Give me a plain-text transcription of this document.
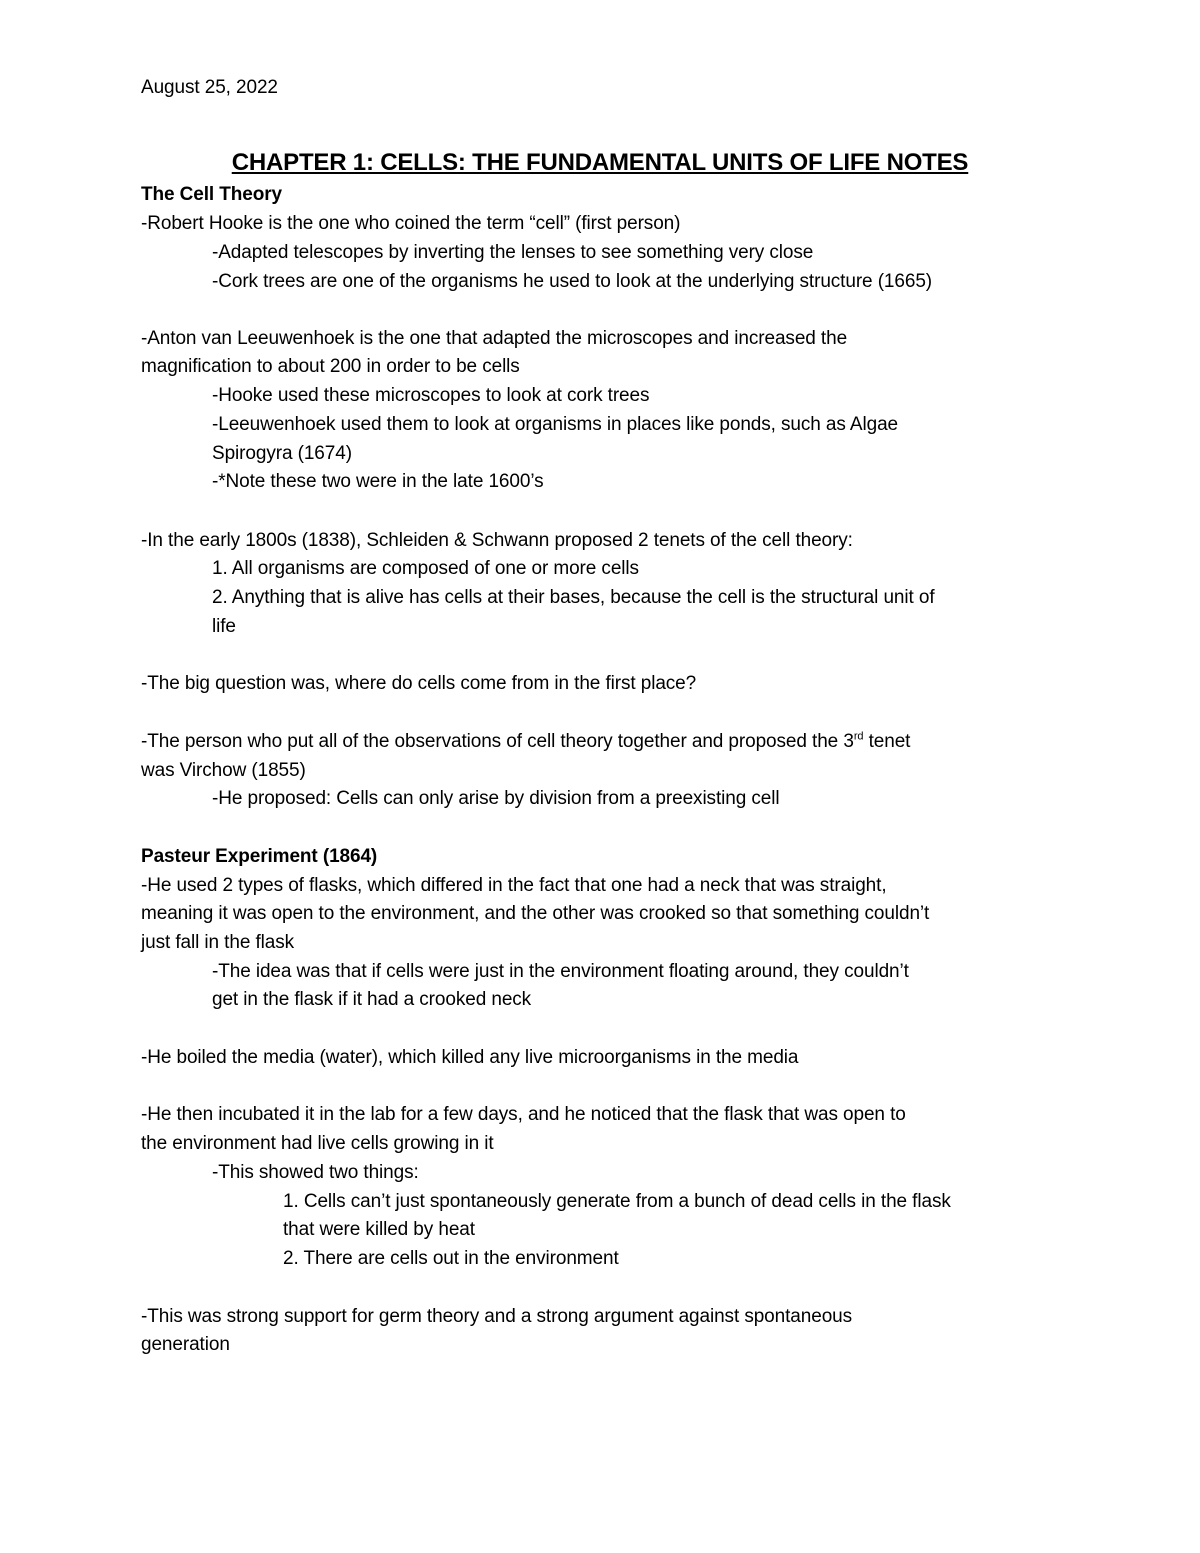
August 25, 2022
CHAPTER 1: CELLS: THE FUNDAMENTAL UNITS OF LIFE NOTES
The Cell Theory
-Robert Hooke is the one who coined the term “cell” (first person)
-Adapted telescopes by inverting the lenses to see something very close
-Cork trees are one of the organisms he used to look at the underlying structure (1665)
-Anton van Leeuwenhoek is the one that adapted the microscopes and increased the
magnification to about 200 in order to be cells
-Hooke used these microscopes to look at cork trees
-Leeuwenhoek used them to look at organisms in places like ponds, such as Algae
Spirogyra (1674)
-*Note these two were in the late 1600’s
-In the early 1800s (1838), Schleiden & Schwann proposed 2 tenets of the cell theory:
1. All organisms are composed of one or more cells
2. Anything that is alive has cells at their bases, because the cell is the structural unit of
life
-The big question was, where do cells come from in the first place?
-The person who put all of the observations of cell theory together and proposed the 3rd tenet
was Virchow (1855)
-He proposed: Cells can only arise by division from a preexisting cell
Pasteur Experiment (1864)
-He used 2 types of flasks, which differed in the fact that one had a neck that was straight,
meaning it was open to the environment, and the other was crooked so that something couldn’t
just fall in the flask
-The idea was that if cells were just in the environment floating around, they couldn’t
get in the flask if it had a crooked neck
-He boiled the media (water), which killed any live microorganisms in the media
-He then incubated it in the lab for a few days, and he noticed that the flask that was open to
the environment had live cells growing in it
-This showed two things:
1. Cells can’t just spontaneously generate from a bunch of dead cells in the flask
that were killed by heat
2. There are cells out in the environment
-This was strong support for germ theory and a strong argument against spontaneous
generation
